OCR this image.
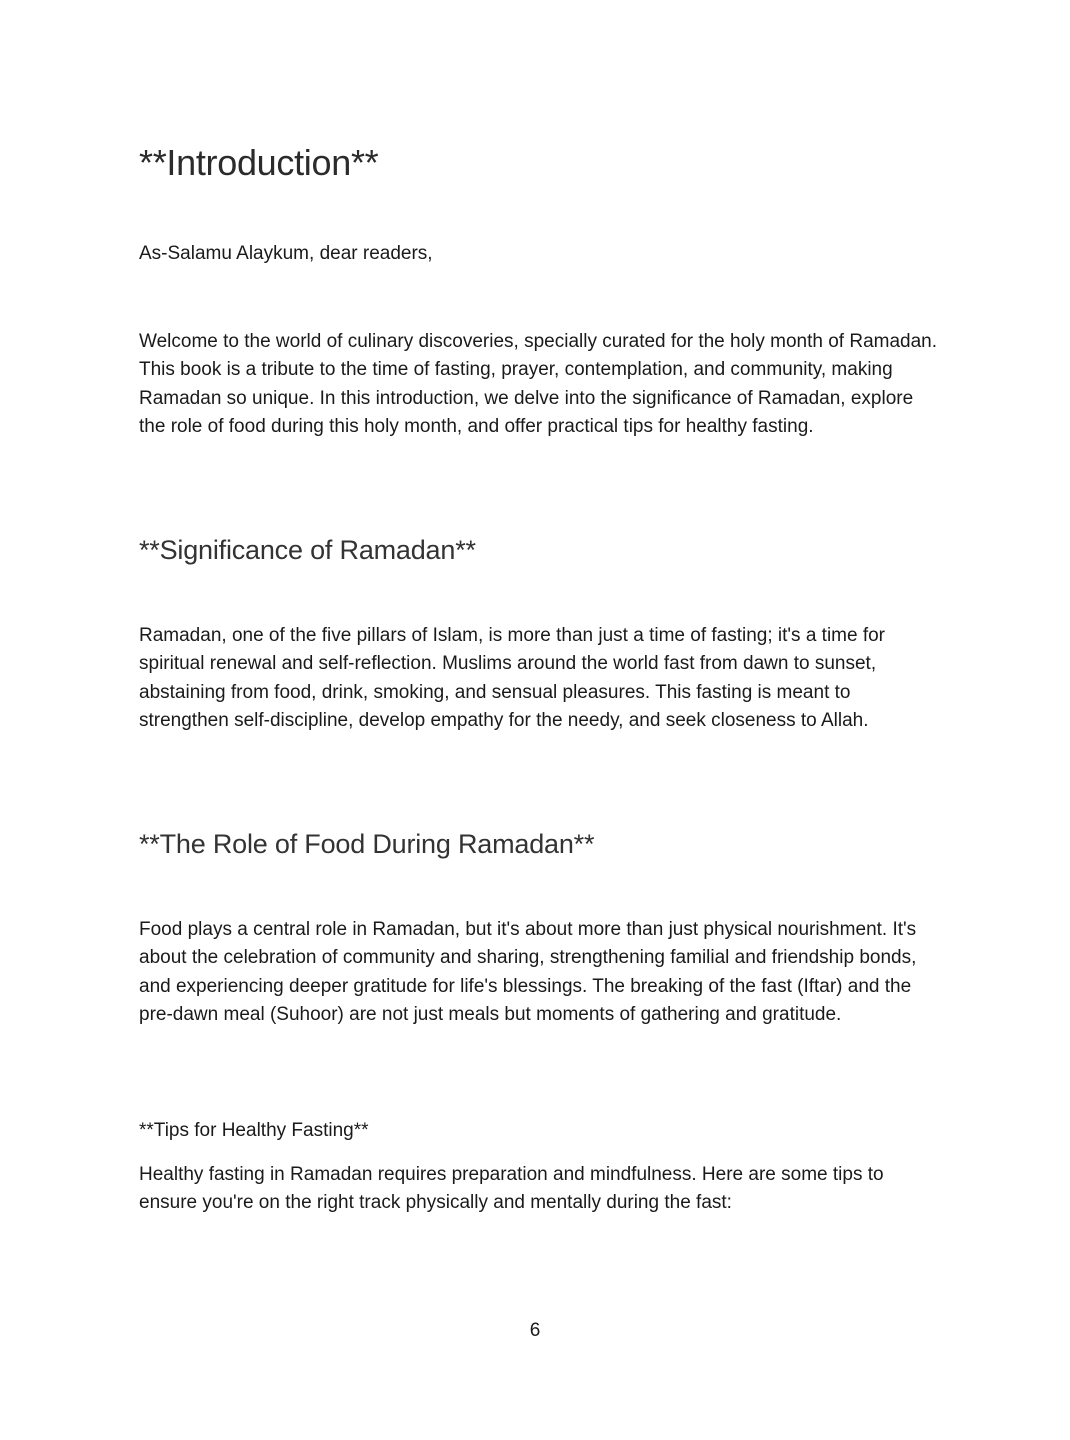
**Introduction**

As-Salamu Alaykum, dear readers,

Welcome to the world of culinary discoveries, specially curated for the holy month of Ramadan. This book is a tribute to the time of fasting, prayer, contemplation, and community, making Ramadan so unique. In this introduction, we delve into the significance of Ramadan, explore the role of food during this holy month, and offer practical tips for healthy fasting.

**Significance of Ramadan**

Ramadan, one of the five pillars of Islam, is more than just a time of fasting; it's a time for spiritual renewal and self-reflection. Muslims around the world fast from dawn to sunset, abstaining from food, drink, smoking, and sensual pleasures. This fasting is meant to strengthen self-discipline, develop empathy for the needy, and seek closeness to Allah.

**The Role of Food During Ramadan**

Food plays a central role in Ramadan, but it's about more than just physical nourishment. It's about the celebration of community and sharing, strengthening familial and friendship bonds, and experiencing deeper gratitude for life's blessings. The breaking of the fast (Iftar) and the pre-dawn meal (Suhoor) are not just meals but moments of gathering and gratitude.

**Tips for Healthy Fasting**

Healthy fasting in Ramadan requires preparation and mindfulness. Here are some tips to ensure you're on the right track physically and mentally during the fast:

6
